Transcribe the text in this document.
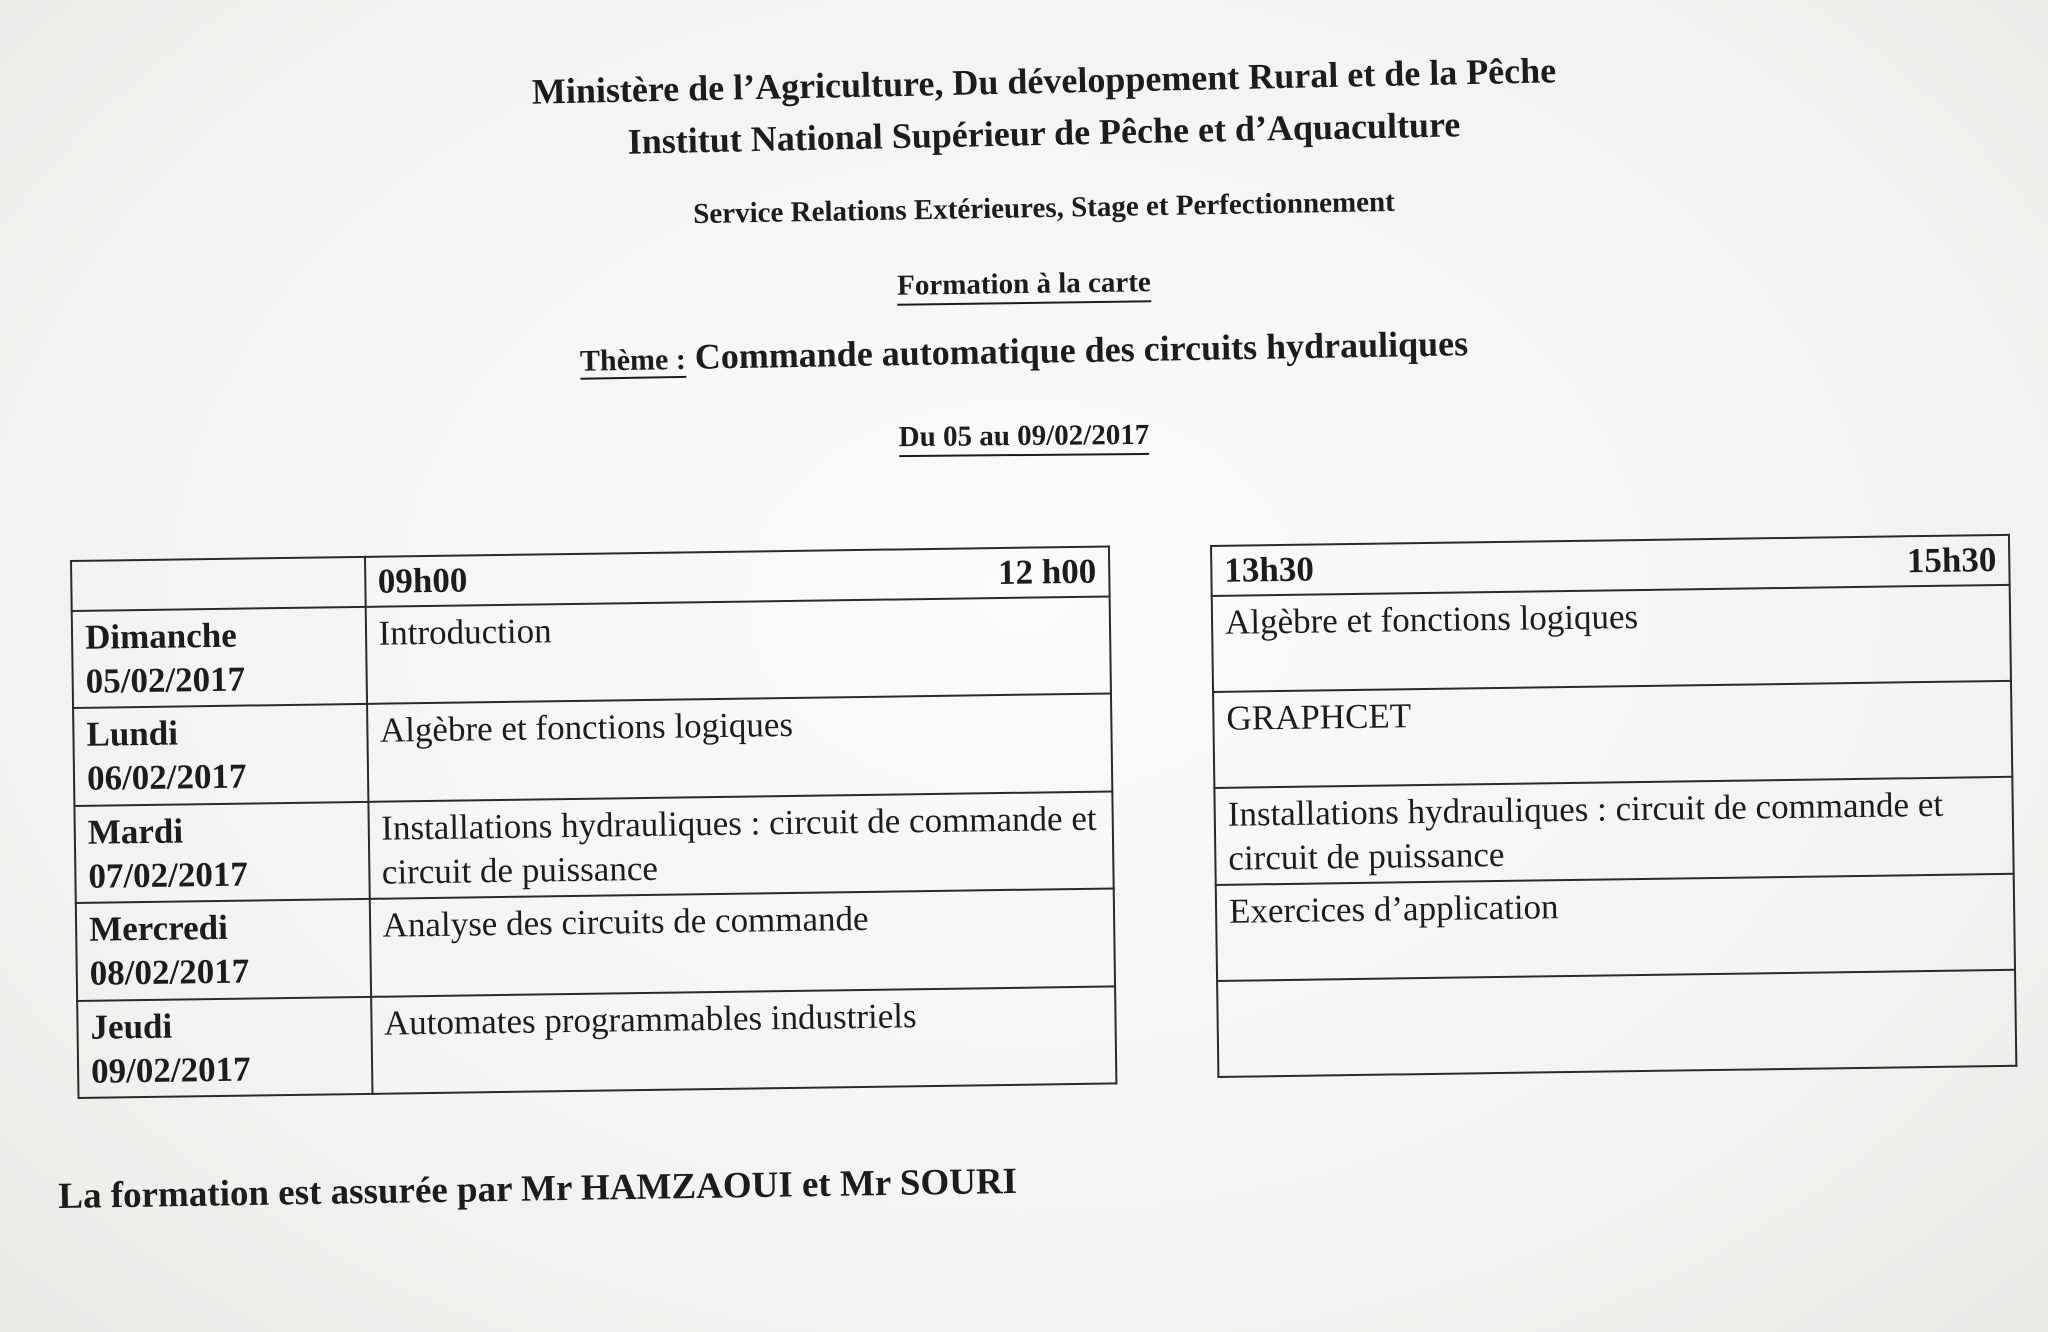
Ministère de l’Agriculture, Du développement Rural et de la Pêche
Institut National Supérieur de Pêche et d’Aquaculture
Service Relations Extérieures, Stage et Perfectionnement
Formation à la carte
Thème : Commande automatique des circuits hydrauliques
Du 05 au 09/02/2017

	09h00 12 h00

Dimanche
05/02/2017	Introduction

Lundi
06/02/2017	Algèbre et fonctions logiques

Mardi
07/02/2017	Installations hydrauliques : circuit de commande et circuit de puissance

Mercredi
08/02/2017	Analyse des circuits de commande

Jeudi
09/02/2017	Automates programmables industriels
13h30	15h30

Algèbre et fonctions logiques
GRAPHCET
Installations hydrauliques : circuit de commande et circuit de puissance
Exercices d’application

La formation est assurée par Mr HAMZAOUI et Mr SOURI
